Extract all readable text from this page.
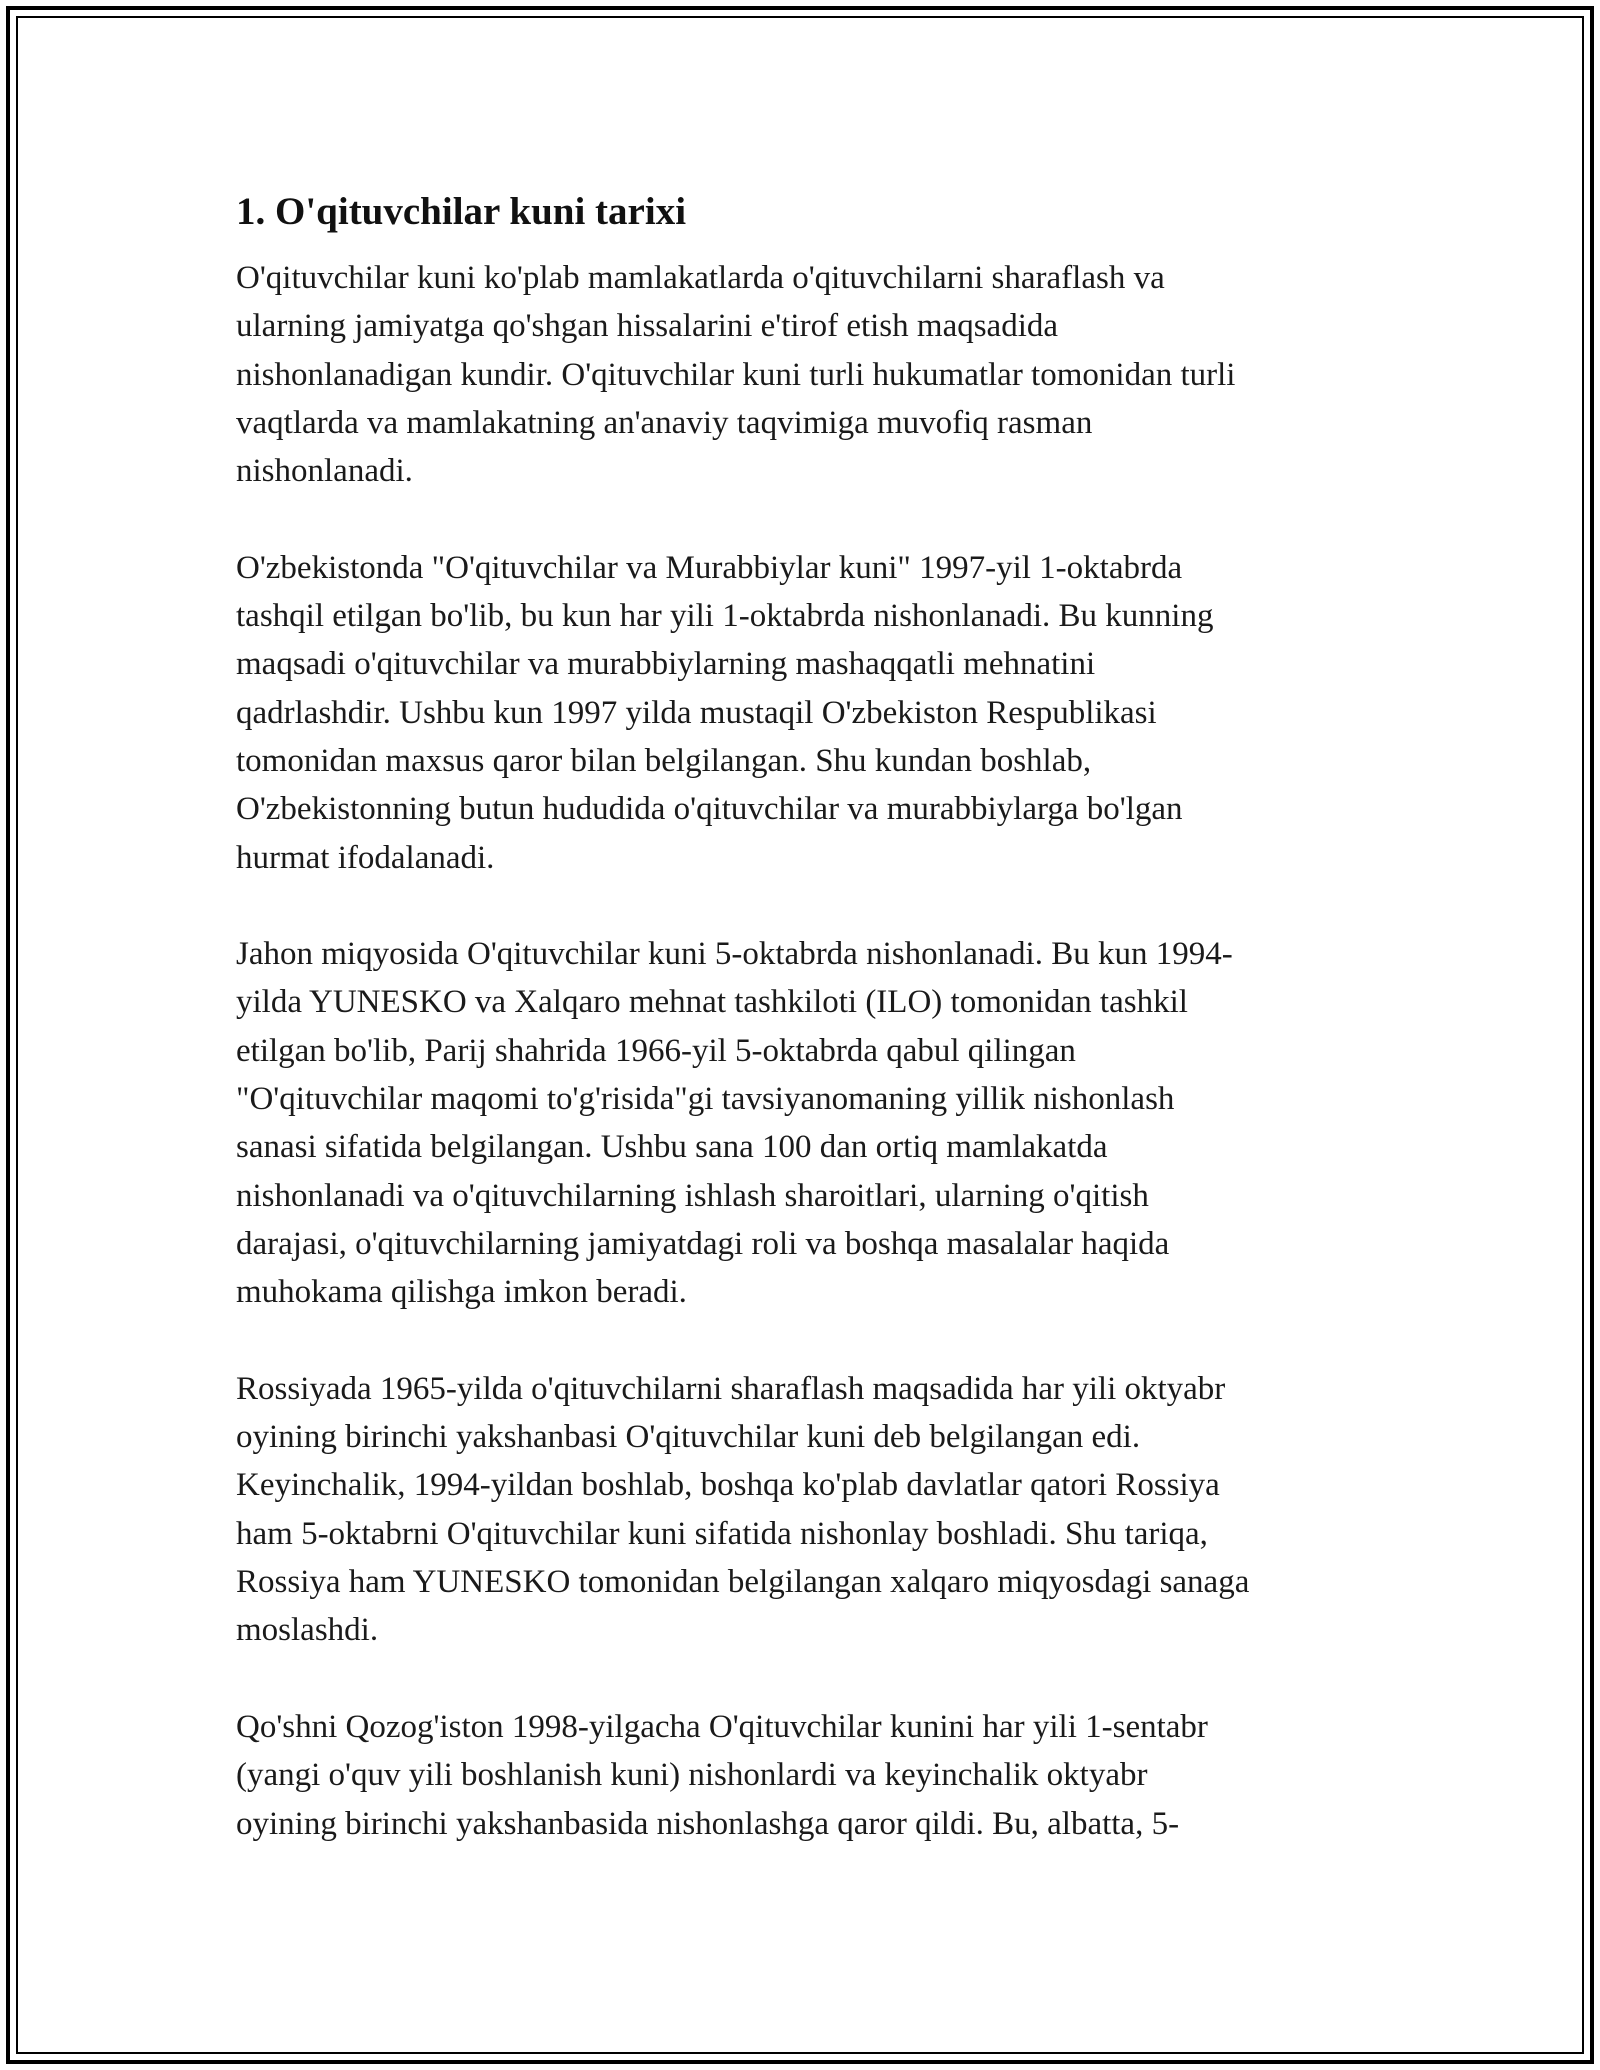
1. O'qituvchilar kuni tarixi

O'qituvchilar kuni ko'plab mamlakatlarda o'qituvchilarni sharaflash va
ularning jamiyatga qo'shgan hissalarini e'tirof etish maqsadida
nishonlanadigan kundir. O'qituvchilar kuni turli hukumatlar tomonidan turli
vaqtlarda va mamlakatning an'anaviy taqvimiga muvofiq rasman
nishonlanadi.

O'zbekistonda "O'qituvchilar va Murabbiylar kuni" 1997-yil 1-oktabrda
tashqil etilgan bo'lib, bu kun har yili 1-oktabrda nishonlanadi. Bu kunning
maqsadi o'qituvchilar va murabbiylarning mashaqqatli mehnatini
qadrlashdir. Ushbu kun 1997 yilda mustaqil O'zbekiston Respublikasi
tomonidan maxsus qaror bilan belgilangan. Shu kundan boshlab,
O'zbekistonning butun hududida o'qituvchilar va murabbiylarga bo'lgan
hurmat ifodalanadi.

Jahon miqyosida O'qituvchilar kuni 5-oktabrda nishonlanadi. Bu kun 1994-
yilda YUNESKO va Xalqaro mehnat tashkiloti (ILO) tomonidan tashkil
etilgan bo'lib, Parij shahrida 1966-yil 5-oktabrda qabul qilingan
"O'qituvchilar maqomi to'g'risida"gi tavsiyanomaning yillik nishonlash
sanasi sifatida belgilangan. Ushbu sana 100 dan ortiq mamlakatda
nishonlanadi va o'qituvchilarning ishlash sharoitlari, ularning o'qitish
darajasi, o'qituvchilarning jamiyatdagi roli va boshqa masalalar haqida
muhokama qilishga imkon beradi.

Rossiyada 1965-yilda o'qituvchilarni sharaflash maqsadida har yili oktyabr
oyining birinchi yakshanbasi O'qituvchilar kuni deb belgilangan edi.
Keyinchalik, 1994-yildan boshlab, boshqa ko'plab davlatlar qatori Rossiya
ham 5-oktabrni O'qituvchilar kuni sifatida nishonlay boshladi. Shu tariqa,
Rossiya ham YUNESKO tomonidan belgilangan xalqaro miqyosdagi sanaga
moslashdi.

Qo'shni Qozog'iston 1998-yilgacha O'qituvchilar kunini har yili 1-sentabr
(yangi o'quv yili boshlanish kuni) nishonlardi va keyinchalik oktyabr
oyining birinchi yakshanbasida nishonlashga qaror qildi. Bu, albatta, 5-
